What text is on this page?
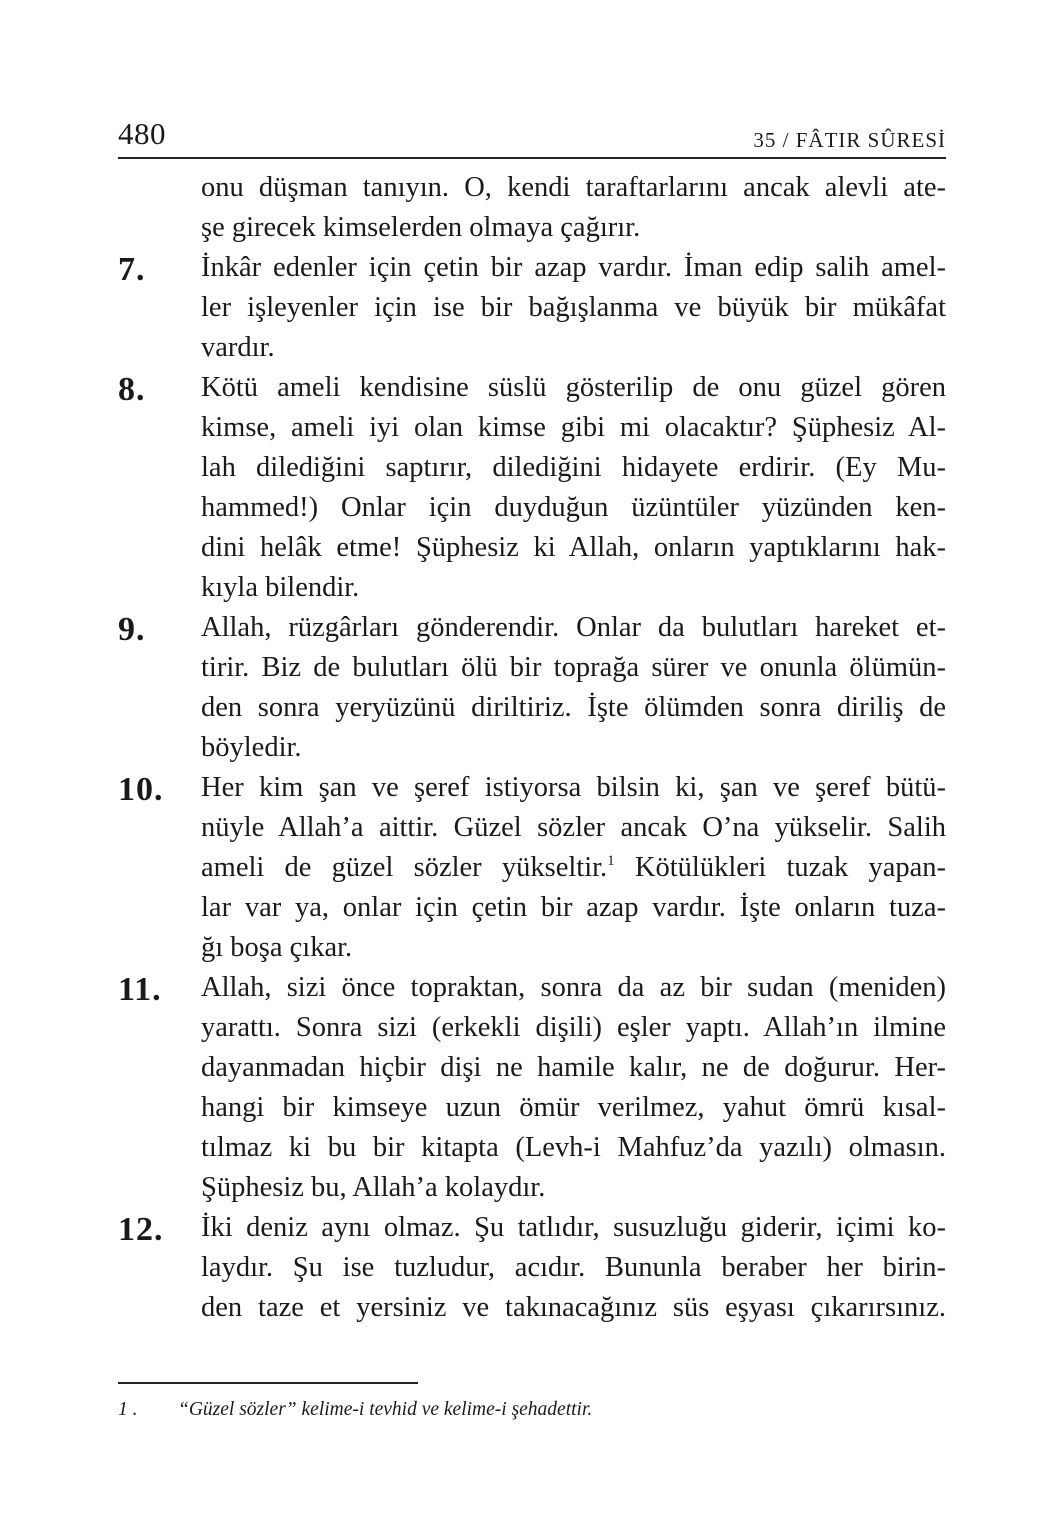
480	35 / FÂTIR SÛRESİ
onu düşman tanıyın. O, kendi taraftarlarını ancak alevli ate-
şe girecek kimselerden olmaya çağırır.
7. İnkâr edenler için çetin bir azap vardır. İman edip salih amel-
ler işleyenler için ise bir bağışlanma ve büyük bir mükâfat
vardır.
8. Kötü ameli kendisine süslü gösterilip de onu güzel gören
kimse, ameli iyi olan kimse gibi mi olacaktır? Şüphesiz Al-
lah dilediğini saptırır, dilediğini hidayete erdirir. (Ey Mu-
hammed!) Onlar için duyduğun üzüntüler yüzünden ken-
dini helâk etme! Şüphesiz ki Allah, onların yaptıklarını hak-
kıyla bilendir.
9. Allah, rüzgârları gönderendir. Onlar da bulutları hareket et-
tirir. Biz de bulutları ölü bir toprağa sürer ve onunla ölümün-
den sonra yeryüzünü diriltiriz. İşte ölümden sonra diriliş de
böyledir.
10. Her kim şan ve şeref istiyorsa bilsin ki, şan ve şeref bütü-
nüyle Allah’a aittir. Güzel sözler ancak O’na yükselir. Salih
ameli de güzel sözler yükseltir.$^1$ Kötülükleri tuzak yapan-
lar var ya, onlar için çetin bir azap vardır. İşte onların tuza-
ğı boşa çıkar.
11. Allah, sizi önce topraktan, sonra da az bir sudan (meniden)
yarattı. Sonra sizi (erkekli dişili) eşler yaptı. Allah’ın ilmine
dayanmadan hiçbir dişi ne hamile kalır, ne de doğurur. Her-
hangi bir kimseye uzun ömür verilmez, yahut ömrü kısal-
tılmaz ki bu bir kitapta (Levh-i Mahfuz’da yazılı) olmasın.
Şüphesiz bu, Allah’a kolaydır.
12. İki deniz aynı olmaz. Şu tatlıdır, susuzluğu giderir, içimi ko-
laydır. Şu ise tuzludur, acıdır. Bununla beraber her birin-
den taze et yersiniz ve takınacağınız süs eşyası çıkarırsınız.
1 . “Güzel sözler” kelime-i tevhid ve kelime-i şehadettir.
